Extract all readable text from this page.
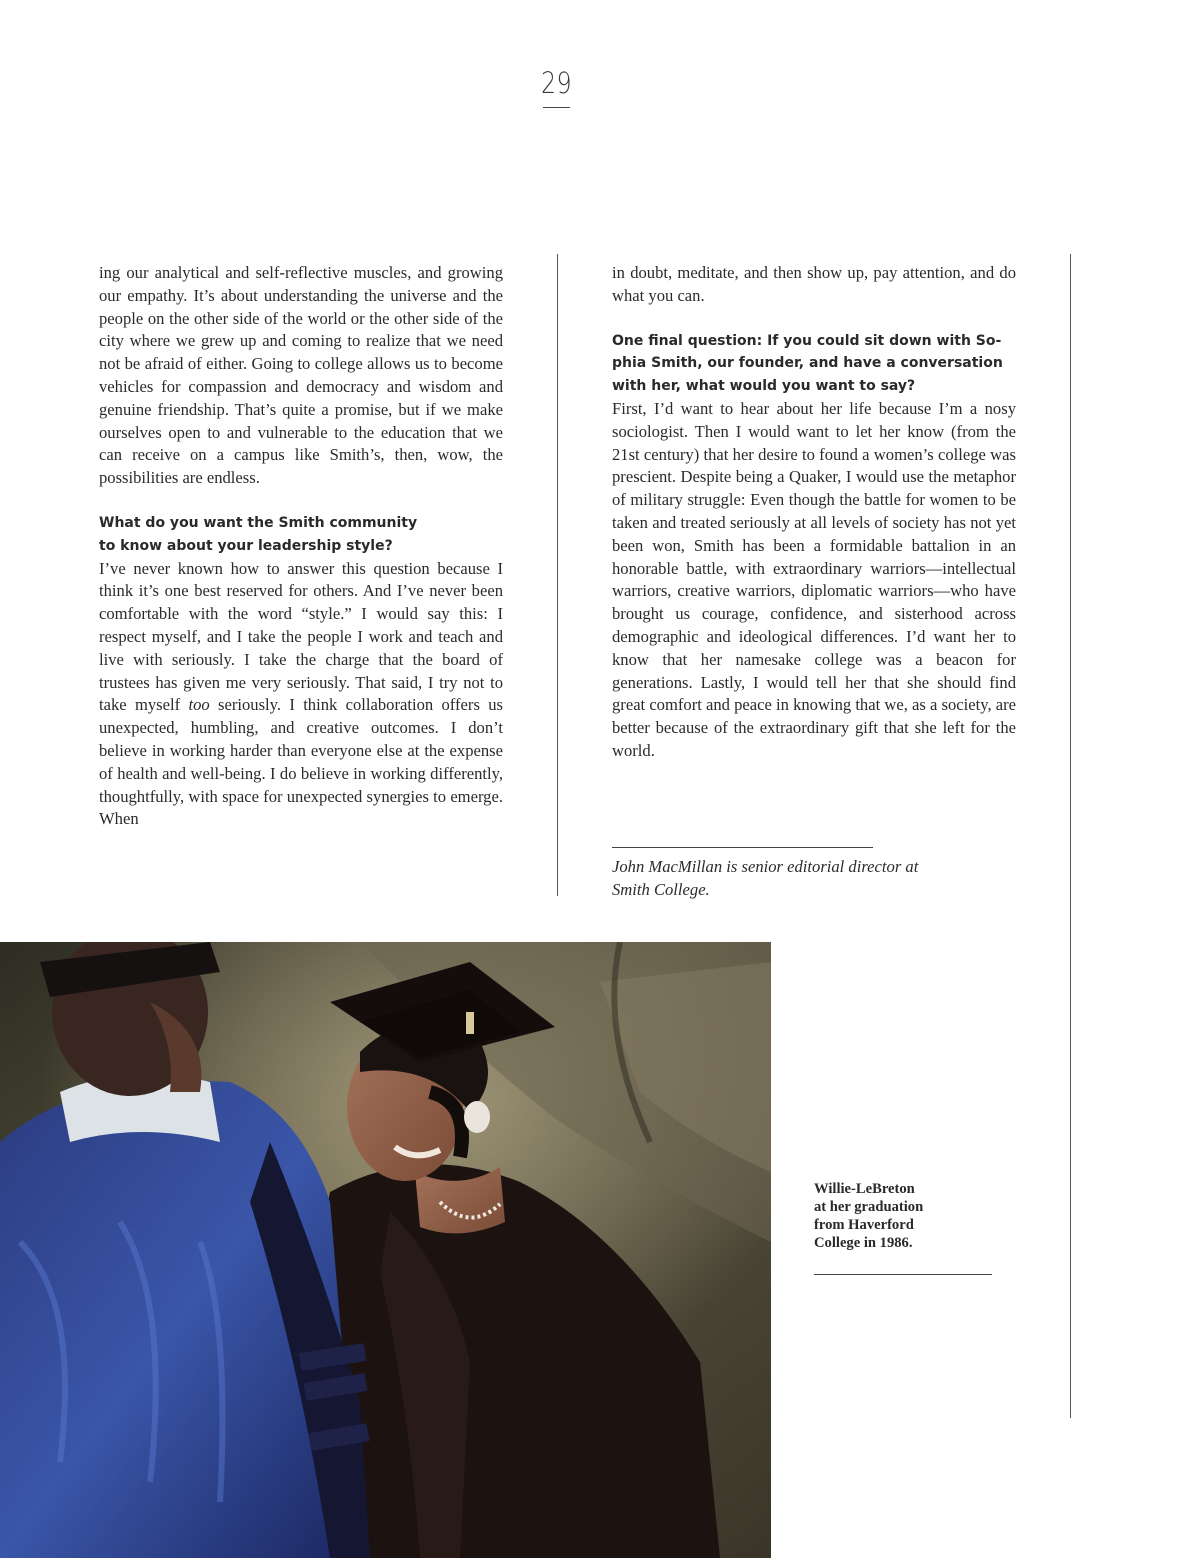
29

ing our analytical and self-reflective muscles, and growing our empathy. It’s about understanding the universe and the people on the other side of the world or the other side of the city where we grew up and coming to realize that we need not be afraid of either. Going to college allows us to become vehicles for compassion and democracy and wisdom and genuine friendship. That’s quite a promise, but if we make ourselves open to and vulnerable to the education that we can receive on a campus like Smith’s, then, wow, the possibilities are endless.

What do you want the Smith community
to know about your leadership style?

I’ve never known how to answer this question because I think it’s one best reserved for others. And I’ve never been comfortable with the word “style.” I would say this: I respect myself, and I take the people I work and teach and live with seriously. I take the charge that the board of trustees has given me very seriously. That said, I try not to take myself too seriously. I think collaboration offers us unexpected, humbling, and creative outcomes. I don’t believe in working harder than everyone else at the expense of health and well-being. I do believe in working differently, thoughtfully, with space for unexpected synergies to emerge. When

in doubt, meditate, and then show up, pay attention, and do what you can.

One final question: If you could sit down with So-
phia Smith, our founder, and have a conversation
with her, what would you want to say?

First, I’d want to hear about her life because I’m a nosy sociologist. Then I would want to let her know (from the 21st century) that her desire to found a women’s college was prescient. Despite being a Quaker, I would use the metaphor of military struggle: Even though the battle for women to be taken and treated seriously at all levels of society has not yet been won, Smith has been a formidable battalion in an honorable battle, with extraordinary warriors—intellectual warriors, creative warriors, diplomatic warriors—who have brought us courage, confidence, and sisterhood across demographic and ideological differences. I’d want her to know that her namesake college was a beacon for generations. Lastly, I would tell her that she should find great comfort and peace in knowing that we, as a society, are better because of the extraordinary gift that she left for the world.

John MacMillan is senior editorial director at
Smith College.
Willie-LeBreton
at her graduation
from Haverford
College in 1986.
